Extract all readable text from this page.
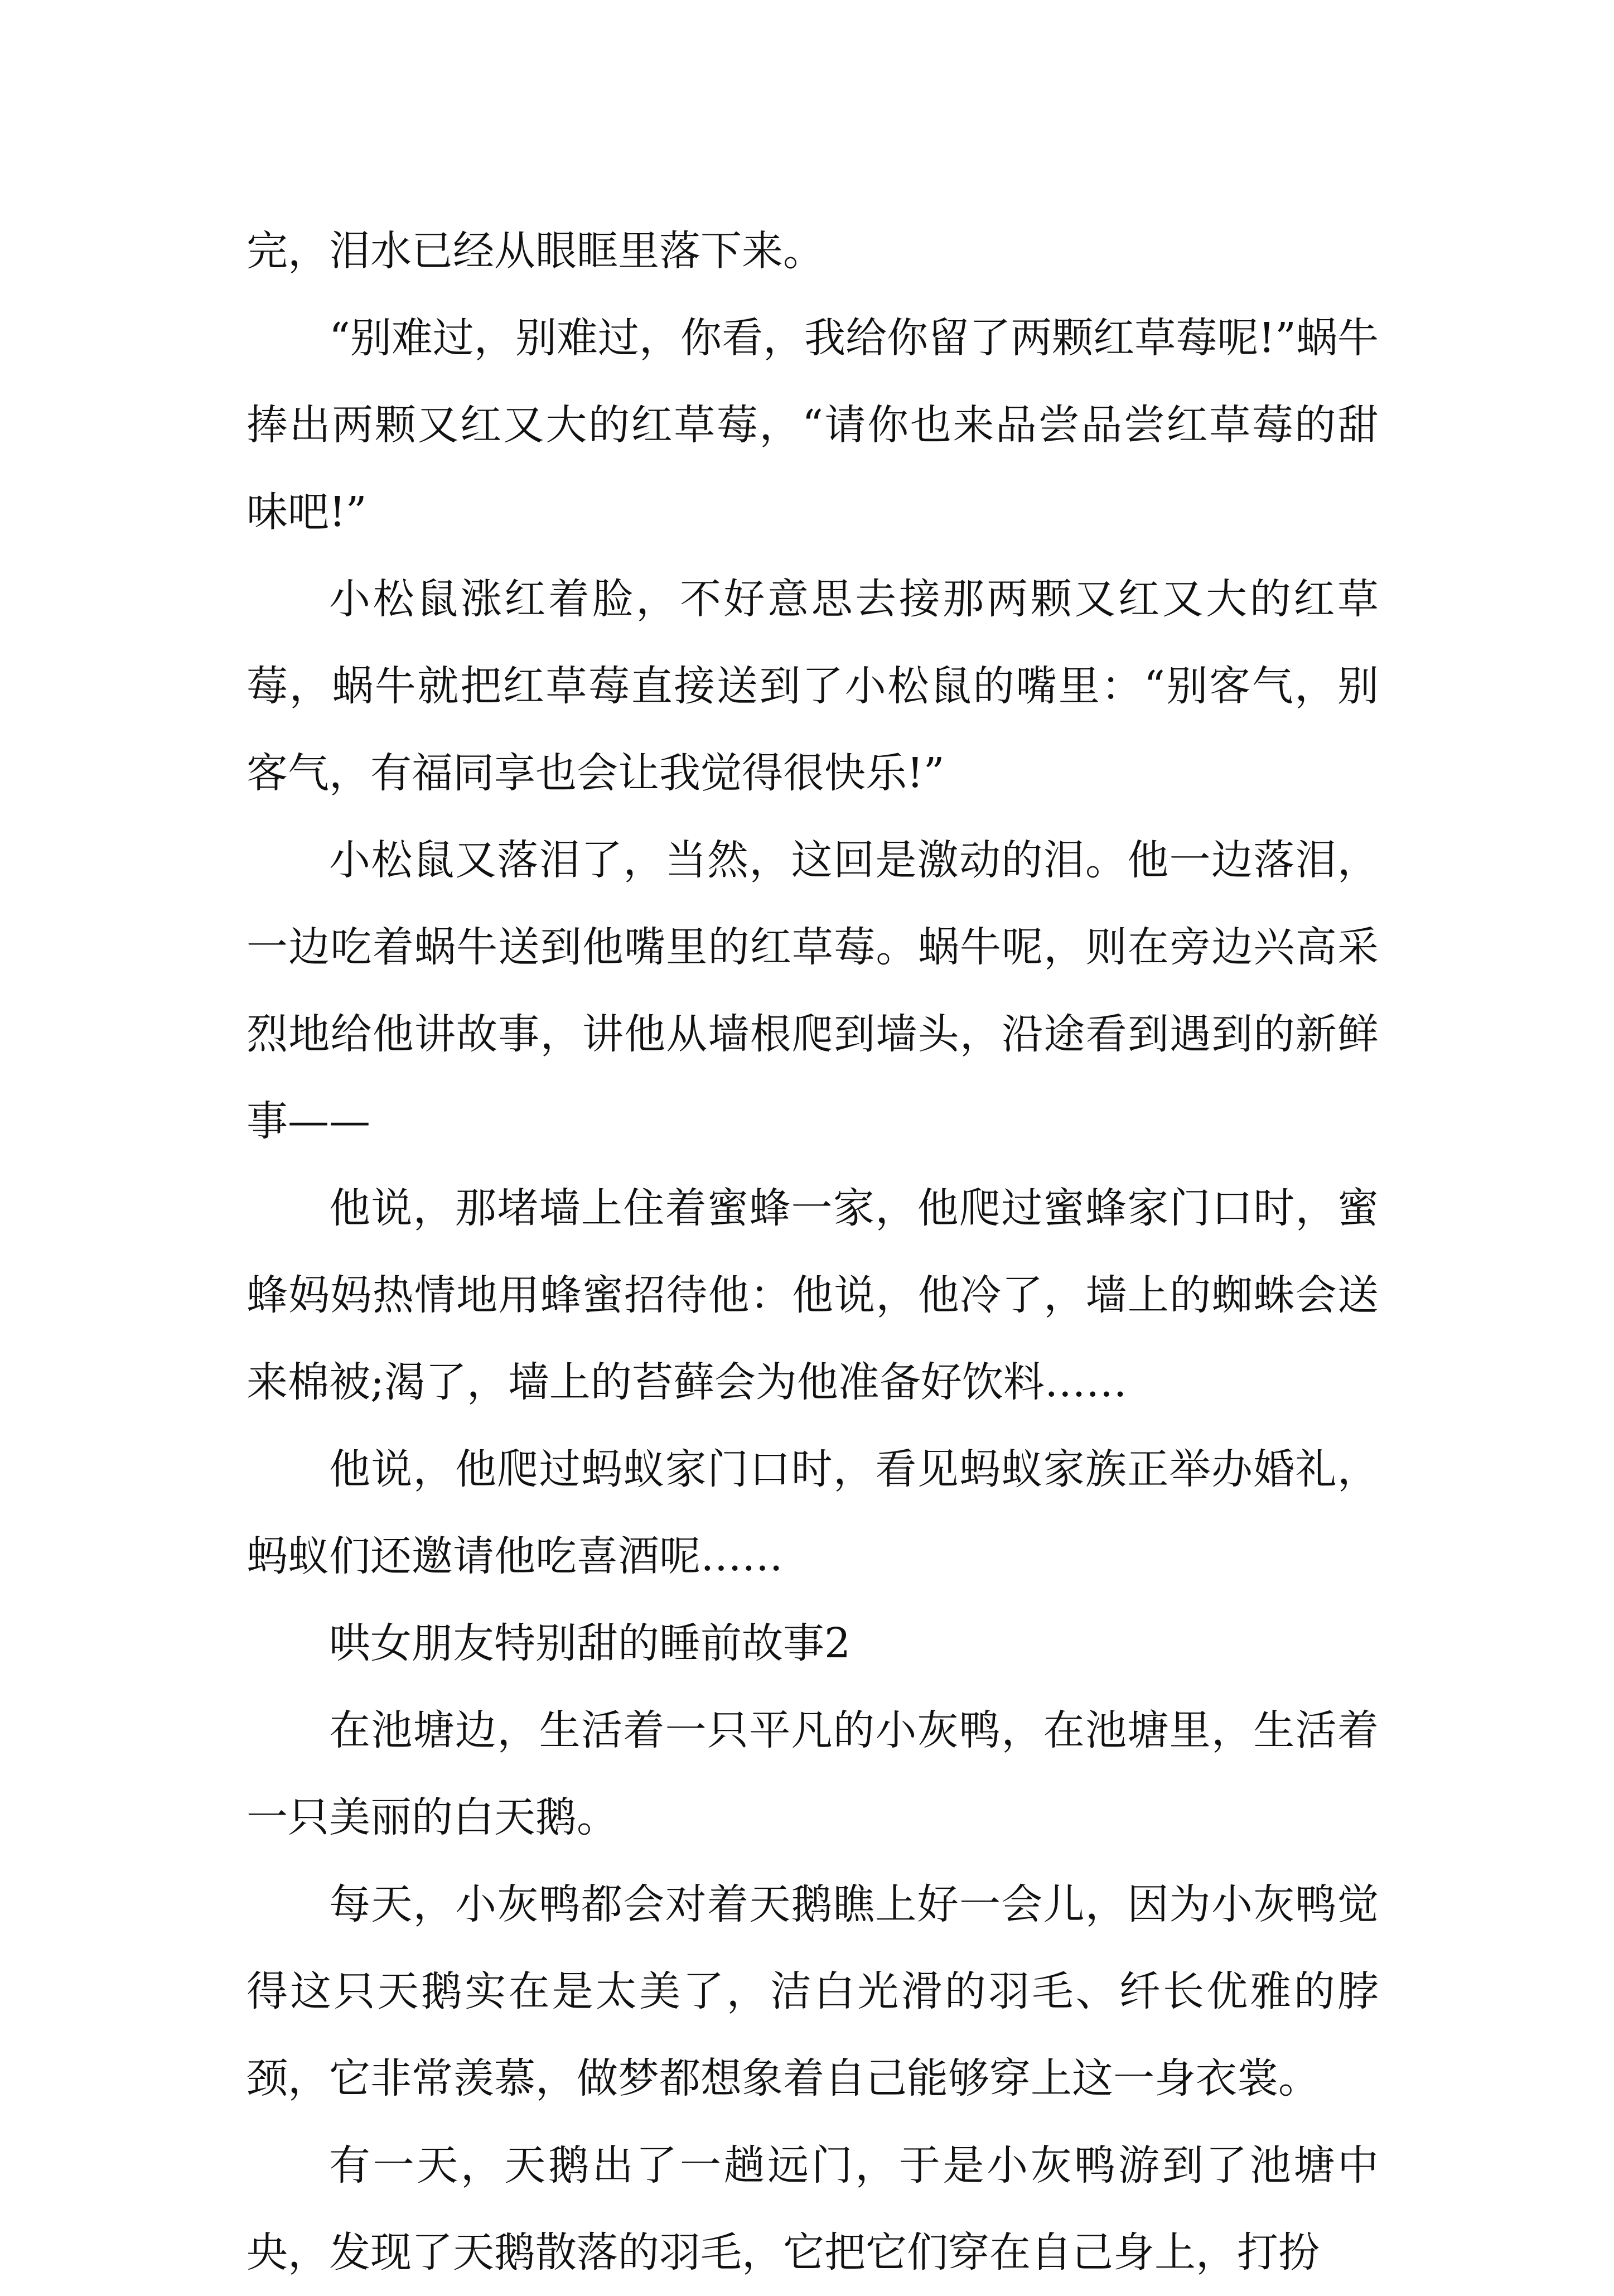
完，泪水已经从眼眶里落下来。

“别难过，别难过，你看，我给你留了两颗红草莓呢!”蜗牛捧出两颗又红又大的红草莓，“请你也来品尝品尝红草莓的甜味吧!”

小松鼠涨红着脸，不好意思去接那两颗又红又大的红草莓，蜗牛就把红草莓直接送到了小松鼠的嘴里：“别客气，别客气，有福同享也会让我觉得很快乐!”

小松鼠又落泪了，当然，这回是激动的泪。他一边落泪，一边吃着蜗牛送到他嘴里的红草莓。蜗牛呢，则在旁边兴高采烈地给他讲故事，讲他从墙根爬到墙头，沿途看到遇到的新鲜事——

他说，那堵墙上住着蜜蜂一家，他爬过蜜蜂家门口时，蜜蜂妈妈热情地用蜂蜜招待他：他说，他冷了，墙上的蜘蛛会送来棉被;渴了，墙上的苔藓会为他准备好饮料……

他说，他爬过蚂蚁家门口时，看见蚂蚁家族正举办婚礼，蚂蚁们还邀请他吃喜酒呢……

哄女朋友特别甜的睡前故事2

在池塘边，生活着一只平凡的小灰鸭，在池塘里，生活着一只美丽的白天鹅。

每天，小灰鸭都会对着天鹅瞧上好一会儿，因为小灰鸭觉得这只天鹅实在是太美了，洁白光滑的羽毛、纤长优雅的脖颈，它非常羡慕，做梦都想象着自己能够穿上这一身衣裳。

有一天，天鹅出了一趟远门，于是小灰鸭游到了池塘中央，发现了天鹅散落的羽毛，它把它们穿在自己身上，打扮
